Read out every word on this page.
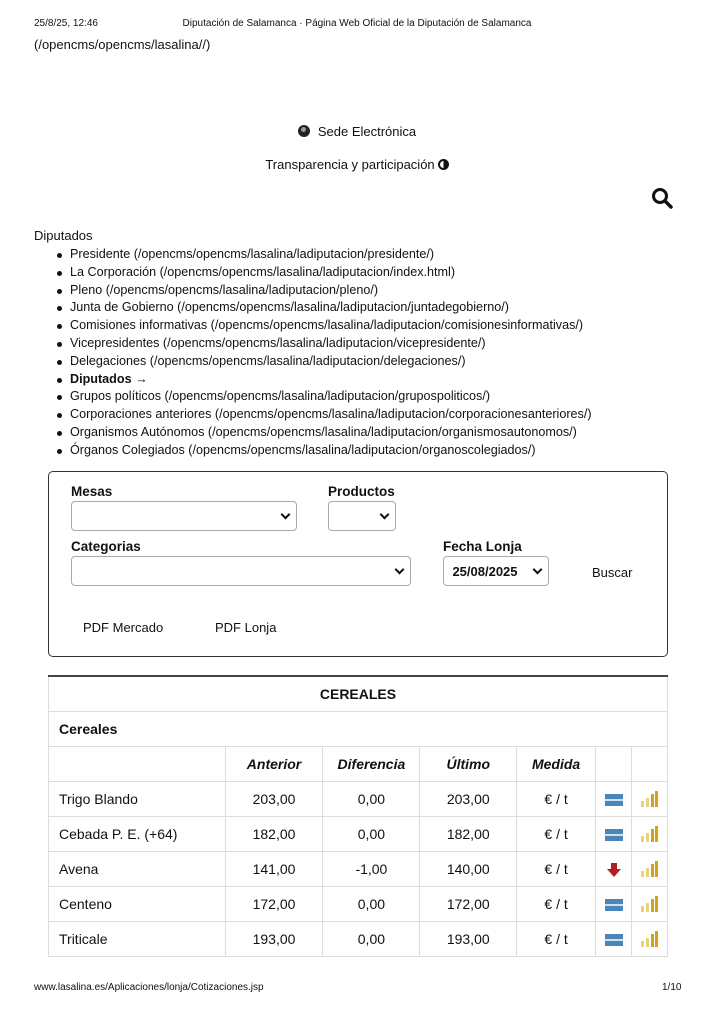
25/8/25, 12:46	Diputación de Salamanca · Página Web Oficial de la Diputación de Salamanca
(/opencms/opencms/lasalina//)
Sede Electrónica
Transparencia y participación
Diputados
Presidente (/opencms/opencms/lasalina/ladiputacion/presidente/)
La Corporación (/opencms/opencms/lasalina/ladiputacion/index.html)
Pleno (/opencms/opencms/lasalina/ladiputacion/pleno/)
Junta de Gobierno (/opencms/opencms/lasalina/ladiputacion/juntadegobierno/)
Comisiones informativas (/opencms/opencms/lasalina/ladiputacion/comisionesinformativas/)
Vicepresidentes (/opencms/opencms/lasalina/ladiputacion/vicepresidente/)
Delegaciones (/opencms/opencms/lasalina/ladiputacion/delegaciones/)
Diputados →
Grupos políticos (/opencms/opencms/lasalina/ladiputacion/grupospoliticos/)
Corporaciones anteriores (/opencms/opencms/lasalina/ladiputacion/corporacionesanteriores/)
Organismos Autónomos (/opencms/opencms/lasalina/ladiputacion/organismosautonomos/)
Órganos Colegiados (/opencms/opencms/lasalina/ladiputacion/organoscolegiados/)
Mesas	Productos
Categorias	Fecha Lonja
25/08/2025	Buscar
PDF Mercado	PDF Lonja
CEREALES						
Cereales						
	Anterior	Diferencia	Último	Medida		
Trigo Blando	203,00	0,00	203,00	€ / t		
Cebada P. E. (+64)	182,00	0,00	182,00	€ / t		
Avena	141,00	-1,00	140,00	€ / t		
Centeno	172,00	0,00	172,00	€ / t		
Triticale	193,00	0,00	193,00	€ / t		
www.lasalina.es/Aplicaciones/lonja/Cotizaciones.jsp	1/10
